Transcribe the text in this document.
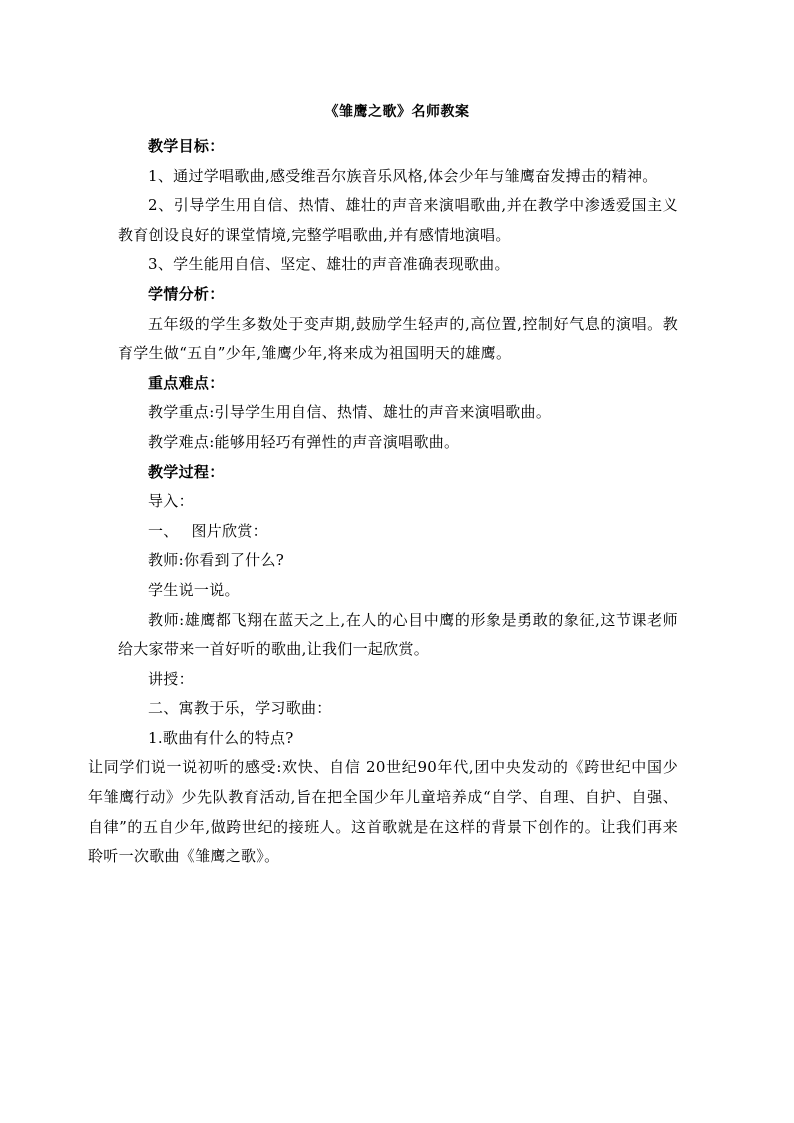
《雏鹰之歌》名师教案

教学目标：

1、通过学唱歌曲,感受维吾尔族音乐风格,体会少年与雏鹰奋发搏击的精神。

2、引导学生用自信、热情、雄壮的声音来演唱歌曲,并在教学中渗透爱国主义教育创设良好的课堂情境,完整学唱歌曲,并有感情地演唱。

3、学生能用自信、坚定、雄壮的声音准确表现歌曲。

学情分析：

五年级的学生多数处于变声期,鼓励学生轻声的,高位置,控制好气息的演唱。教育学生做“五自”少年,雏鹰少年,将来成为祖国明天的雄鹰。

重点难点：

教学重点:引导学生用自信、热情、雄壮的声音来演唱歌曲。

教学难点:能够用轻巧有弹性的声音演唱歌曲。

教学过程：

导入：

一、　 图片欣赏：

教师:你看到了什么?

学生说一说。

教师:雄鹰都飞翔在蓝天之上,在人的心目中鹰的形象是勇敢的象征,这节课老师给大家带来一首好听的歌曲,让我们一起欣赏。

讲授：

二、寓教于乐，学习歌曲：

1.歌曲有什么的特点?

让同学们说一说初听的感受:欢快、自信 20世纪90年代,团中央发动的《跨世纪中国少年雏鹰行动》少先队教育活动,旨在把全国少年儿童培养成“自学、自理、自护、自强、自律”的五自少年,做跨世纪的接班人。这首歌就是在这样的背景下创作的。让我们再来聆听一次歌曲《雏鹰之歌》。
